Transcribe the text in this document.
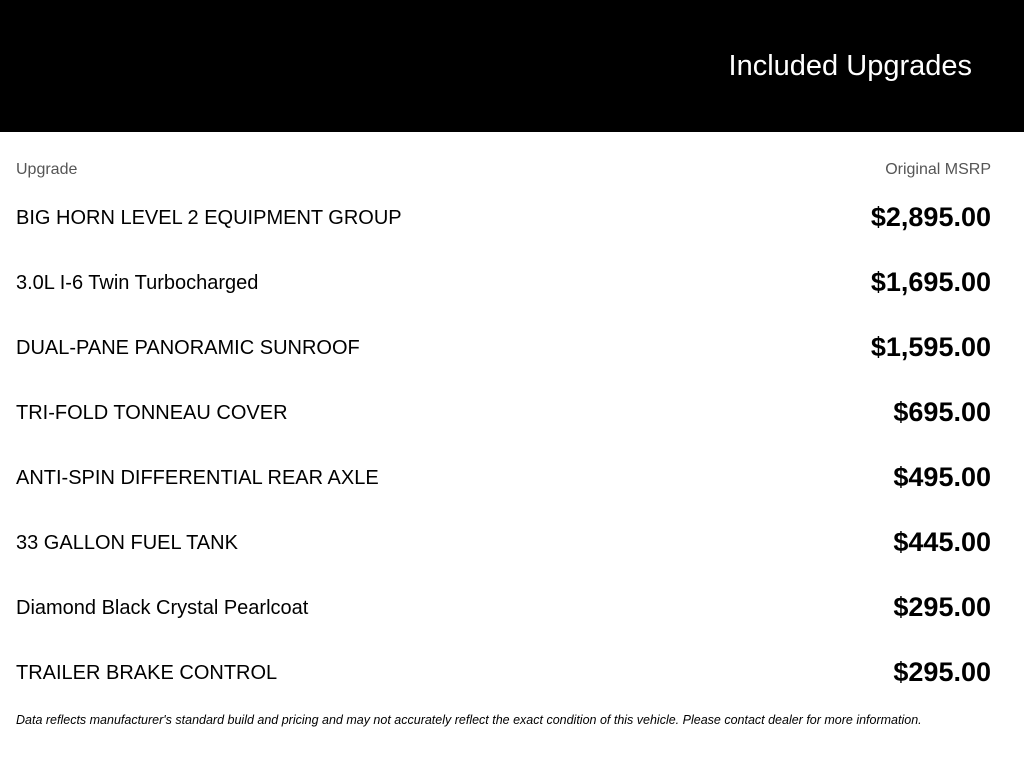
Included Upgrades
Upgrade	Original MSRP
BIG HORN LEVEL 2 EQUIPMENT GROUP	$2,895.00
3.0L I-6 Twin Turbocharged	$1,695.00
DUAL-PANE PANORAMIC SUNROOF	$1,595.00
TRI-FOLD TONNEAU COVER	$695.00
ANTI-SPIN DIFFERENTIAL REAR AXLE	$495.00
33 GALLON FUEL TANK	$445.00
Diamond Black Crystal Pearlcoat	$295.00
TRAILER BRAKE CONTROL	$295.00
Data reflects manufacturer's standard build and pricing and may not accurately reflect the exact condition of this vehicle. Please contact dealer for more information.
